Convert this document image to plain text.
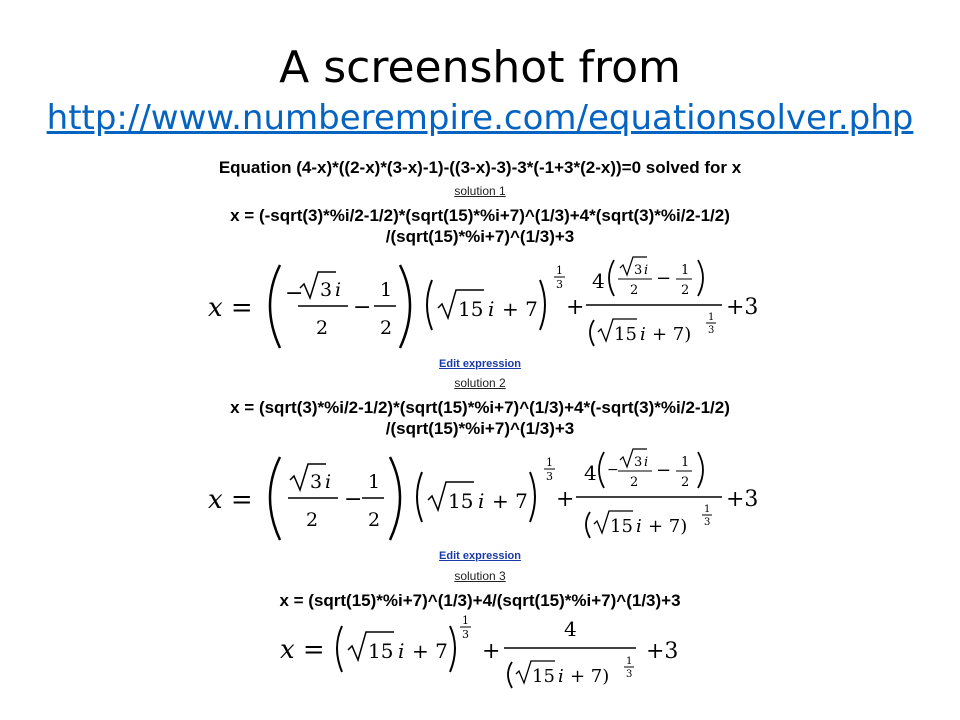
A screenshot from
http://www.numberempire.com/equationsolver.php
Equation (4-x)*((2-x)*(3-x)-1)-((3-x)-3)-3*(-1+3*(2-x))=0 solved for x
solution 1
x = (-sqrt(3)*%i/2-1/2)*(sqrt(15)*%i+7)^(1/3)+4*(sqrt(3)*%i/2-1/2)
/(sqrt(15)*%i+7)^(1/3)+3
x = − 3 i
2
−
1
2
15 i + 7
1
3
+
4 3 i
2
− 1
2
15 i + 7)
1
3
+3
Edit expression
solution 2
x = (sqrt(3)*%i/2-1/2)*(sqrt(15)*%i+7)^(1/3)+4*(-sqrt(3)*%i/2-1/2)
/(sqrt(15)*%i+7)^(1/3)+3
x =
3 i
2
−
1
2
15 i + 7
1
3
+
4 − 3 i
2
− 1
2
15 i + 7)
1
3
+3
Edit expression
solution 3
x = (sqrt(15)*%i+7)^(1/3)+4/(sqrt(15)*%i+7)^(1/3)+3
x = 15 i + 7
1
3
+
4
15 i + 7)
1
3
+3
